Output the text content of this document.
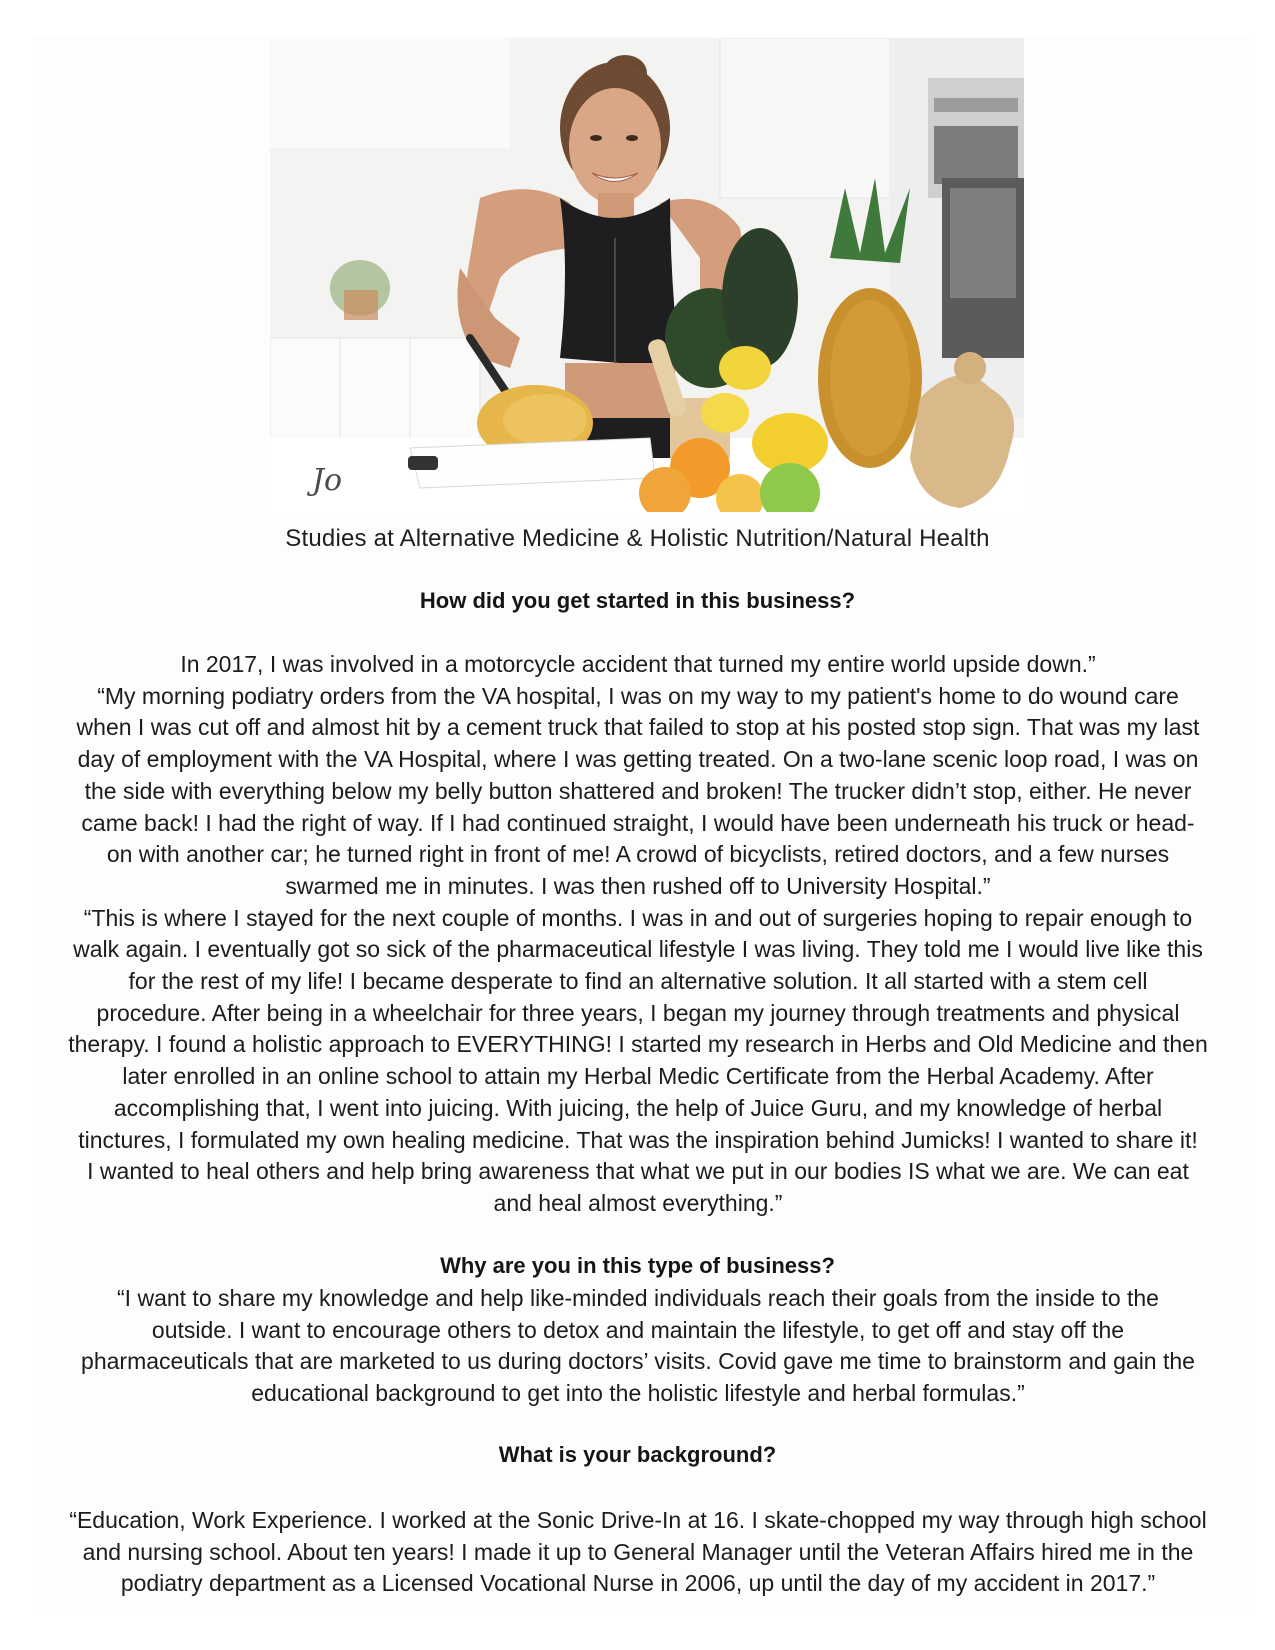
Jo
Studies at Alternative Medicine & Holistic Nutrition/Natural Health
How did you get started in this business?

In 2017, I was involved in a motorcycle accident that turned my entire world upside down.”
“My morning podiatry orders from the VA hospital, I was on my way to my patient's home to do wound care
when I was cut off and almost hit by a cement truck that failed to stop at his posted stop sign. That was my last
day of employment with the VA Hospital, where I was getting treated. On a two-lane scenic loop road, I was on
the side with everything below my belly button shattered and broken! The trucker didn’t stop, either. He never
came back! I had the right of way. If I had continued straight, I would have been underneath his truck or head-
on with another car; he turned right in front of me! A crowd of bicyclists, retired doctors, and a few nurses
swarmed me in minutes. I was then rushed off to University Hospital.”
“This is where I stayed for the next couple of months. I was in and out of surgeries hoping to repair enough to
walk again. I eventually got so sick of the pharmaceutical lifestyle I was living. They told me I would live like this
for the rest of my life! I became desperate to find an alternative solution. It all started with a stem cell
procedure. After being in a wheelchair for three years, I began my journey through treatments and physical
therapy. I found a holistic approach to EVERYTHING! I started my research in Herbs and Old Medicine and then
later enrolled in an online school to attain my Herbal Medic Certificate from the Herbal Academy. After
accomplishing that, I went into juicing. With juicing, the help of Juice Guru, and my knowledge of herbal
tinctures, I formulated my own healing medicine. That was the inspiration behind Jumicks! I wanted to share it!
I wanted to heal others and help bring awareness that what we put in our bodies IS what we are. We can eat
and heal almost everything.”

Why are you in this type of business?

“I want to share my knowledge and help like-minded individuals reach their goals from the inside to the
outside. I want to encourage others to detox and maintain the lifestyle, to get off and stay off the
pharmaceuticals that are marketed to us during doctors’ visits. Covid gave me time to brainstorm and gain the
educational background to get into the holistic lifestyle and herbal formulas.”

What is your background?

“Education, Work Experience. I worked at the Sonic Drive-In at 16. I skate-chopped my way through high school
and nursing school. About ten years! I made it up to General Manager until the Veteran Affairs hired me in the
podiatry department as a Licensed Vocational Nurse in 2006, up until the day of my accident in 2017.”
